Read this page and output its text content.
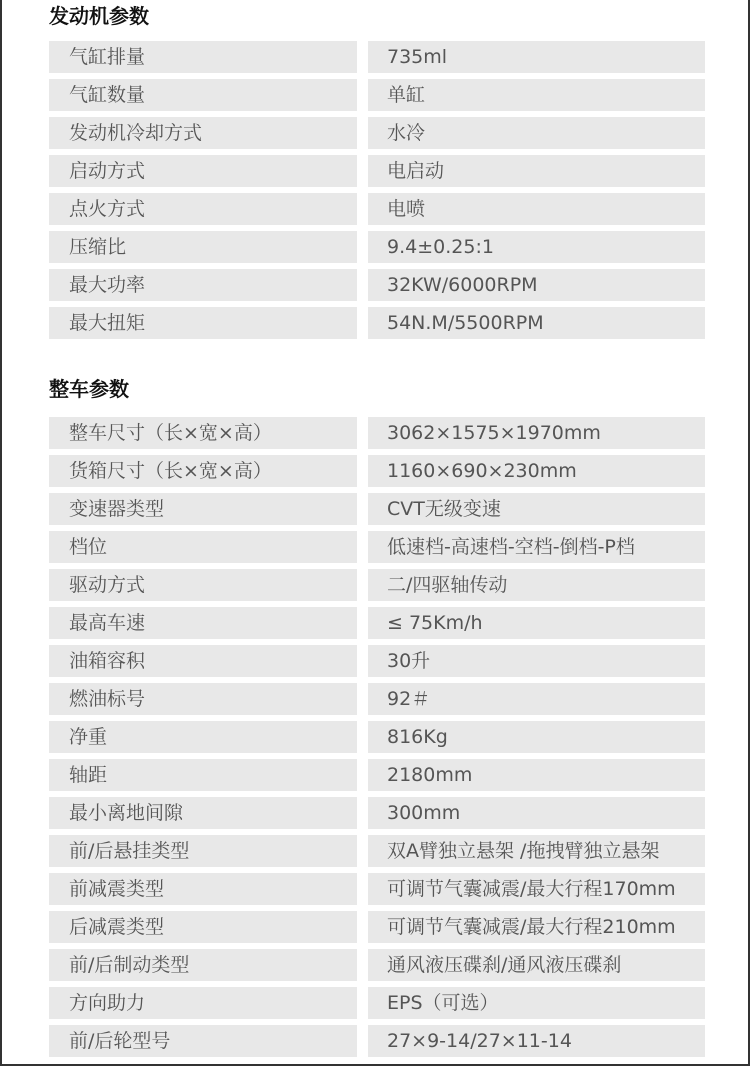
发动机参数
气缸排量	735ml
气缸数量	单缸
发动机冷却方式	水冷
启动方式	电启动
点火方式	电喷
压缩比	9.4±0.25:1
最大功率	32KW/6000RPM
最大扭矩	54N.M/5500RPM
整车参数
整车尺寸（长×宽×高）	3062×1575×1970mm
货箱尺寸（长×宽×高）	1160×690×230mm
变速器类型	CVT无级变速
档位	低速档-高速档-空档-倒档-P档
驱动方式	二/四驱轴传动
最高车速	≤ 75Km/h
油箱容积	30升
燃油标号	92＃
净重	816Kg
轴距	2180mm
最小离地间隙	300mm
前/后悬挂类型	双A臂独立悬架 /拖拽臂独立悬架
前减震类型	可调节气囊减震/最大行程170mm
后减震类型	可调节气囊减震/最大行程210mm
前/后制动类型	通风液压碟刹/通风液压碟刹
方向助力	EPS（可选）
前/后轮型号	27×9-14/27×11-14
